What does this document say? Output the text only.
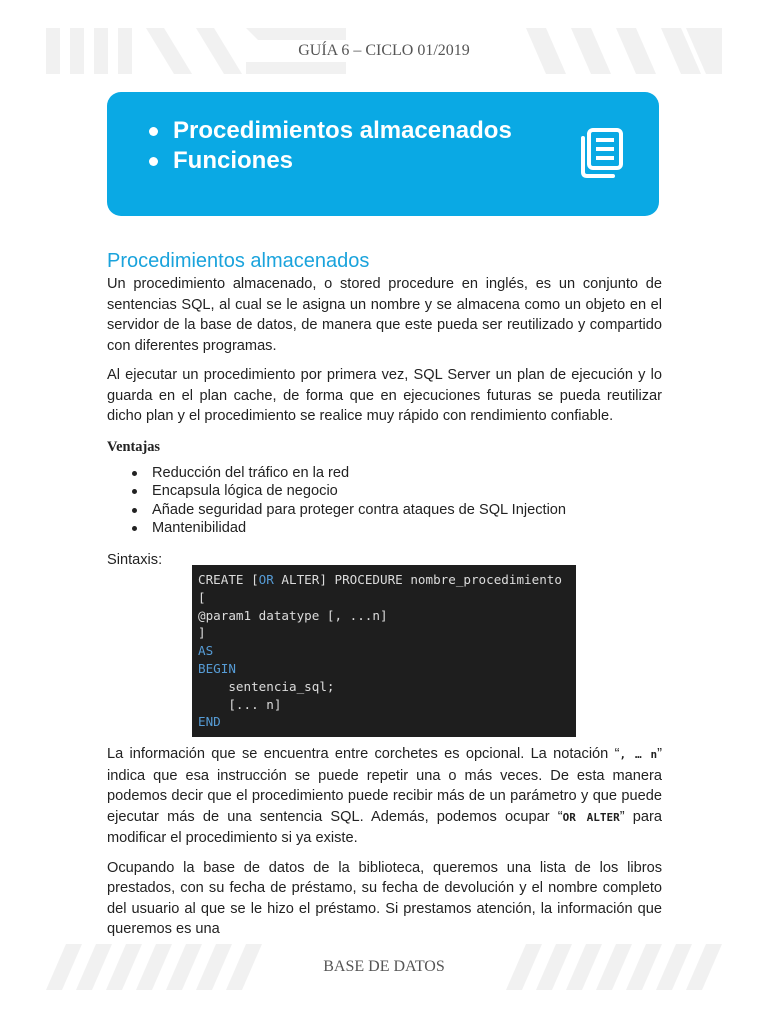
GUÍA 6 – CICLO 01/2019
Procedimientos almacenados
Funciones
Procedimientos almacenados

Un procedimiento almacenado, o stored procedure en inglés, es un conjunto de sentencias SQL, al cual se le asigna un nombre y se almacena como un objeto en el servidor de la base de datos, de manera que este pueda ser reutilizado y compartido con diferentes programas.

Al ejecutar un procedimiento por primera vez, SQL Server un plan de ejecución y lo guarda en el plan cache, de forma que en ejecuciones futuras se pueda reutilizar dicho plan y el procedimiento se realice muy rápido con rendimiento confiable.

Ventajas
Reducción del tráfico en la red
Encapsula lógica de negocio
Añade seguridad para proteger contra ataques de SQL Injection
Mantenibilidad
Sintaxis:
CREATE [OR ALTER] PROCEDURE nombre_procedimiento
[
@param1 datatype [, ...n]
]
AS
BEGIN
sentencia_sql;
[... n]
END

La información que se encuentra entre corchetes es opcional. La notación “, … n” indica que esa instrucción se puede repetir una o más veces. De esta manera podemos decir que el procedimiento puede recibir más de un parámetro y que puede ejecutar más de una sentencia SQL. Además, podemos ocupar “OR ALTER” para modificar el procedimiento si ya existe.

Ocupando la base de datos de la biblioteca, queremos una lista de los libros prestados, con su fecha de préstamo, su fecha de devolución y el nombre completo del usuario al que se le hizo el préstamo. Si prestamos atención, la información que queremos es una

BASE DE DATOS
